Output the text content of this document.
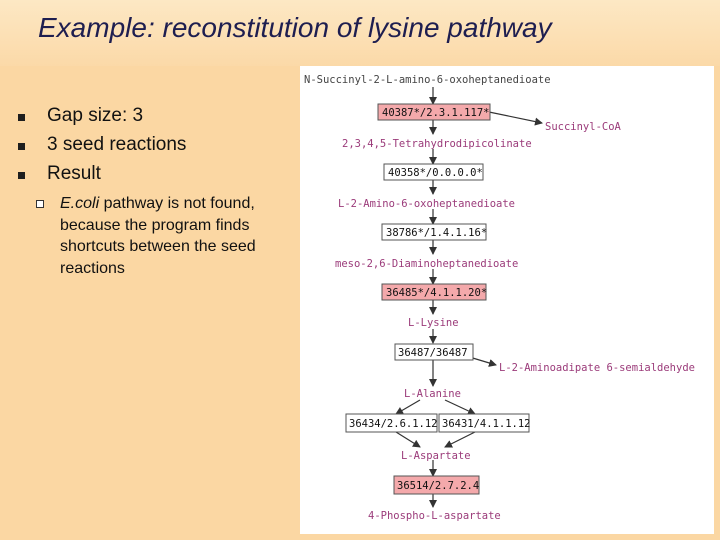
Example: reconstitution of lysine pathway
Gap size: 3
3 seed reactions
Result
E.coli pathway is not found, because the program finds shortcuts between the seed reactions
40387*/2.3.1.117*
40358*/0.0.0.0*
38786*/1.4.1.16*
36485*/4.1.1.20*
36487/36487
36434/2.6.1.12 36431/4.1.1.12
36514/2.7.2.4
N-Succinyl-2-L-amino-6-oxoheptanedioate
2,3,4,5-Tetrahydrodipicolinate
L-2-Amino-6-oxoheptanedioate
meso-2,6-Diaminoheptanedioate
L-Lysine
L-Alanine
L-Aspartate
4-Phospho-L-aspartate
Succinyl-CoA
L-2-Aminoadipate 6-semialdehyde
